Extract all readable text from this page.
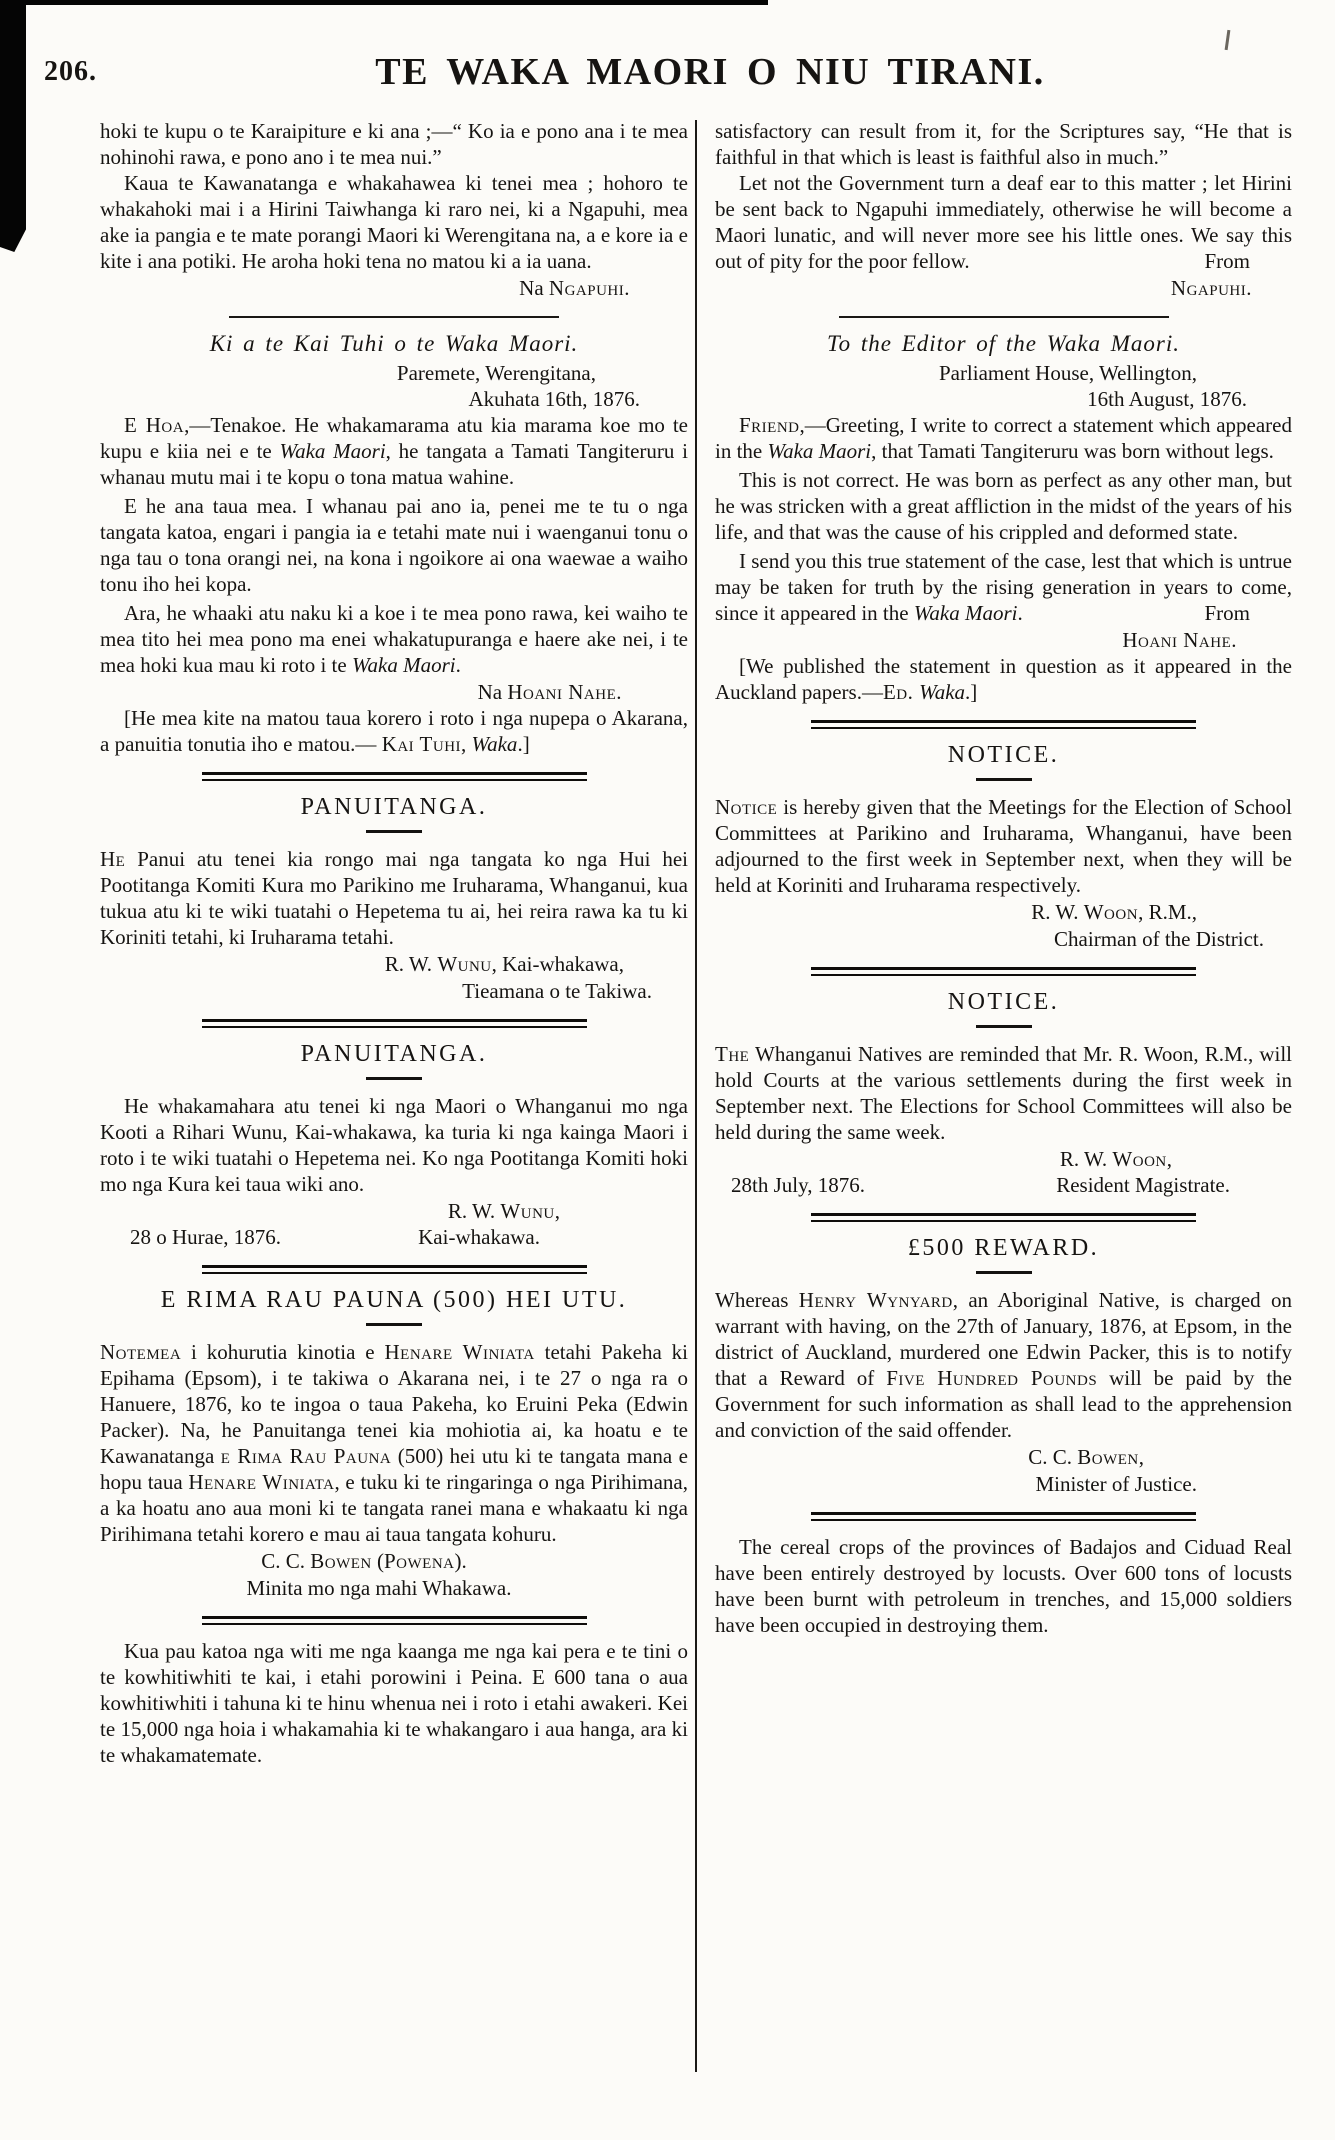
206.	TE WAKA MAORI O NIU TIRANI.

hoki te kupu o te Karaipiture e ki ana ;—“ Ko ia e pono ana i te mea nohinohi rawa, e pono ano i te mea nui.”

Kaua te Kawanatanga e whakahawea ki tenei mea ; hohoro te whakahoki mai i a Hirini Taiwhanga ki raro nei, ki a Ngapuhi, mea ake ia pangia e te mate porangi Maori ki Werengitana na, a e kore ia e kite i ana potiki. He aroha hoki tena no matou ki a ia uana.

Na Ngapuhi.

Ki a te Kai Tuhi o te Waka Maori.

Paremete, Werengitana,

Akuhata 16th, 1876.

E Hoa,—Tenakoe. He whakamarama atu kia marama koe mo te kupu e kiia nei e te Waka Maori, he tangata a Tamati Tangiteruru i whanau mutu mai i te kopu o tona matua wahine.

E he ana taua mea. I whanau pai ano ia, penei me te tu o nga tangata katoa, engari i pangia ia e tetahi mate nui i waenganui tonu o nga tau o tona orangi nei, na kona i ngoikore ai ona waewae a waiho tonu iho hei kopa.

Ara, he whaaki atu naku ki a koe i te mea pono rawa, kei waiho te mea tito hei mea pono ma enei whakatupuranga e haere ake nei, i te mea hoki kua mau ki roto i te Waka Maori.

Na Hoani Nahe.

[He mea kite na matou taua korero i roto i nga nupepa o Akarana, a panuitia tonutia iho e matou.— Kai Tuhi, Waka.]

PANUITANGA.

He Panui atu tenei kia rongo mai nga tangata ko nga Hui hei Pootitanga Komiti Kura mo Parikino me Iruharama, Whanganui, kua tukua atu ki te wiki tuatahi o Hepetema tu ai, hei reira rawa ka tu ki Koriniti tetahi, ki Iruharama tetahi.

R. W. Wunu, Kai-whakawa,

Tieamana o te Takiwa.

PANUITANGA.

He whakamahara atu tenei ki nga Maori o Whanganui mo nga Kooti a Rihari Wunu, Kai-whakawa, ka turia ki nga kainga Maori i roto i te wiki tuatahi o Hepetema nei. Ko nga Pootitanga Komiti hoki mo nga Kura kei taua wiki ano.

R. W. Wunu,

28 o Hurae, 1876.	Kai-whakawa.
E RIMA RAU PAUNA (500) HEI UTU.

Notemea i kohurutia kinotia e Henare Winiata tetahi Pakeha ki Epihama (Epsom), i te takiwa o Akarana nei, i te 27 o nga ra o Hanuere, 1876, ko te ingoa o taua Pakeha, ko Eruini Peka (Edwin Packer). Na, he Panuitanga tenei kia mohiotia ai, ka hoatu e te Kawanatanga e Rima Rau Pauna (500) hei utu ki te tangata mana e hopu taua Henare Winiata, e tuku ki te ringaringa o nga Pirihimana, a ka hoatu ano aua moni ki te tangata ranei mana e whakaatu ki nga Pirihimana tetahi korero e mau ai taua tangata kohuru.

C. C. Bowen (Powena).

Minita mo nga mahi Whakawa.

Kua pau katoa nga witi me nga kaanga me nga kai pera e te tini o te kowhitiwhiti te kai, i etahi porowini i Peina. E 600 tana o aua kowhitiwhiti i tahuna ki te hinu whenua nei i roto i etahi awakeri. Kei te 15,000 nga hoia i whakamahia ki te whakangaro i aua hanga, ara ki te whakamatemate.

satisfactory can result from it, for the Scriptures say, “He that is faithful in that which is least is faithful also in much.”

Let not the Government turn a deaf ear to this matter ; let Hirini be sent back to Ngapuhi immediately, otherwise he will become a Maori lunatic, and will never more see his little ones. We say this out of pity for the poor fellow.	From

Ngapuhi.

To the Editor of the Waka Maori.

Parliament House, Wellington,

16th August, 1876.

Friend,—Greeting, I write to correct a statement which appeared in the Waka Maori, that Tamati Tangiteruru was born without legs.

This is not correct. He was born as perfect as any other man, but he was stricken with a great affliction in the midst of the years of his life, and that was the cause of his crippled and deformed state.

I send you this true statement of the case, lest that which is untrue may be taken for truth by the rising generation in years to come, since it appeared in the Waka Maori.	From

Hoani Nahe.

[We published the statement in question as it appeared in the Auckland papers.—Ed. Waka.]

NOTICE.

Notice is hereby given that the Meetings for the Election of School Committees at Parikino and Iruharama, Whanganui, have been adjourned to the first week in September next, when they will be held at Koriniti and Iruharama respectively.

R. W. Woon, R.M.,

Chairman of the District.

NOTICE.

The Whanganui Natives are reminded that Mr. R. Woon, R.M., will hold Courts at the various settlements during the first week in September next. The Elections for School Committees will also be held during the same week.

R. W. Woon,

28th July, 1876.	Resident Magistrate.
£500 REWARD.

Whereas Henry Wynyard, an Aboriginal Native, is charged on warrant with having, on the 27th of January, 1876, at Epsom, in the district of Auckland, murdered one Edwin Packer, this is to notify that a Reward of Five Hundred Pounds will be paid by the Government for such information as shall lead to the apprehension and conviction of the said offender.

C. C. Bowen,

Minister of Justice.

The cereal crops of the provinces of Badajos and Ciduad Real have been entirely destroyed by locusts. Over 600 tons of locusts have been burnt with petroleum in trenches, and 15,000 soldiers have been occupied in destroying them.
